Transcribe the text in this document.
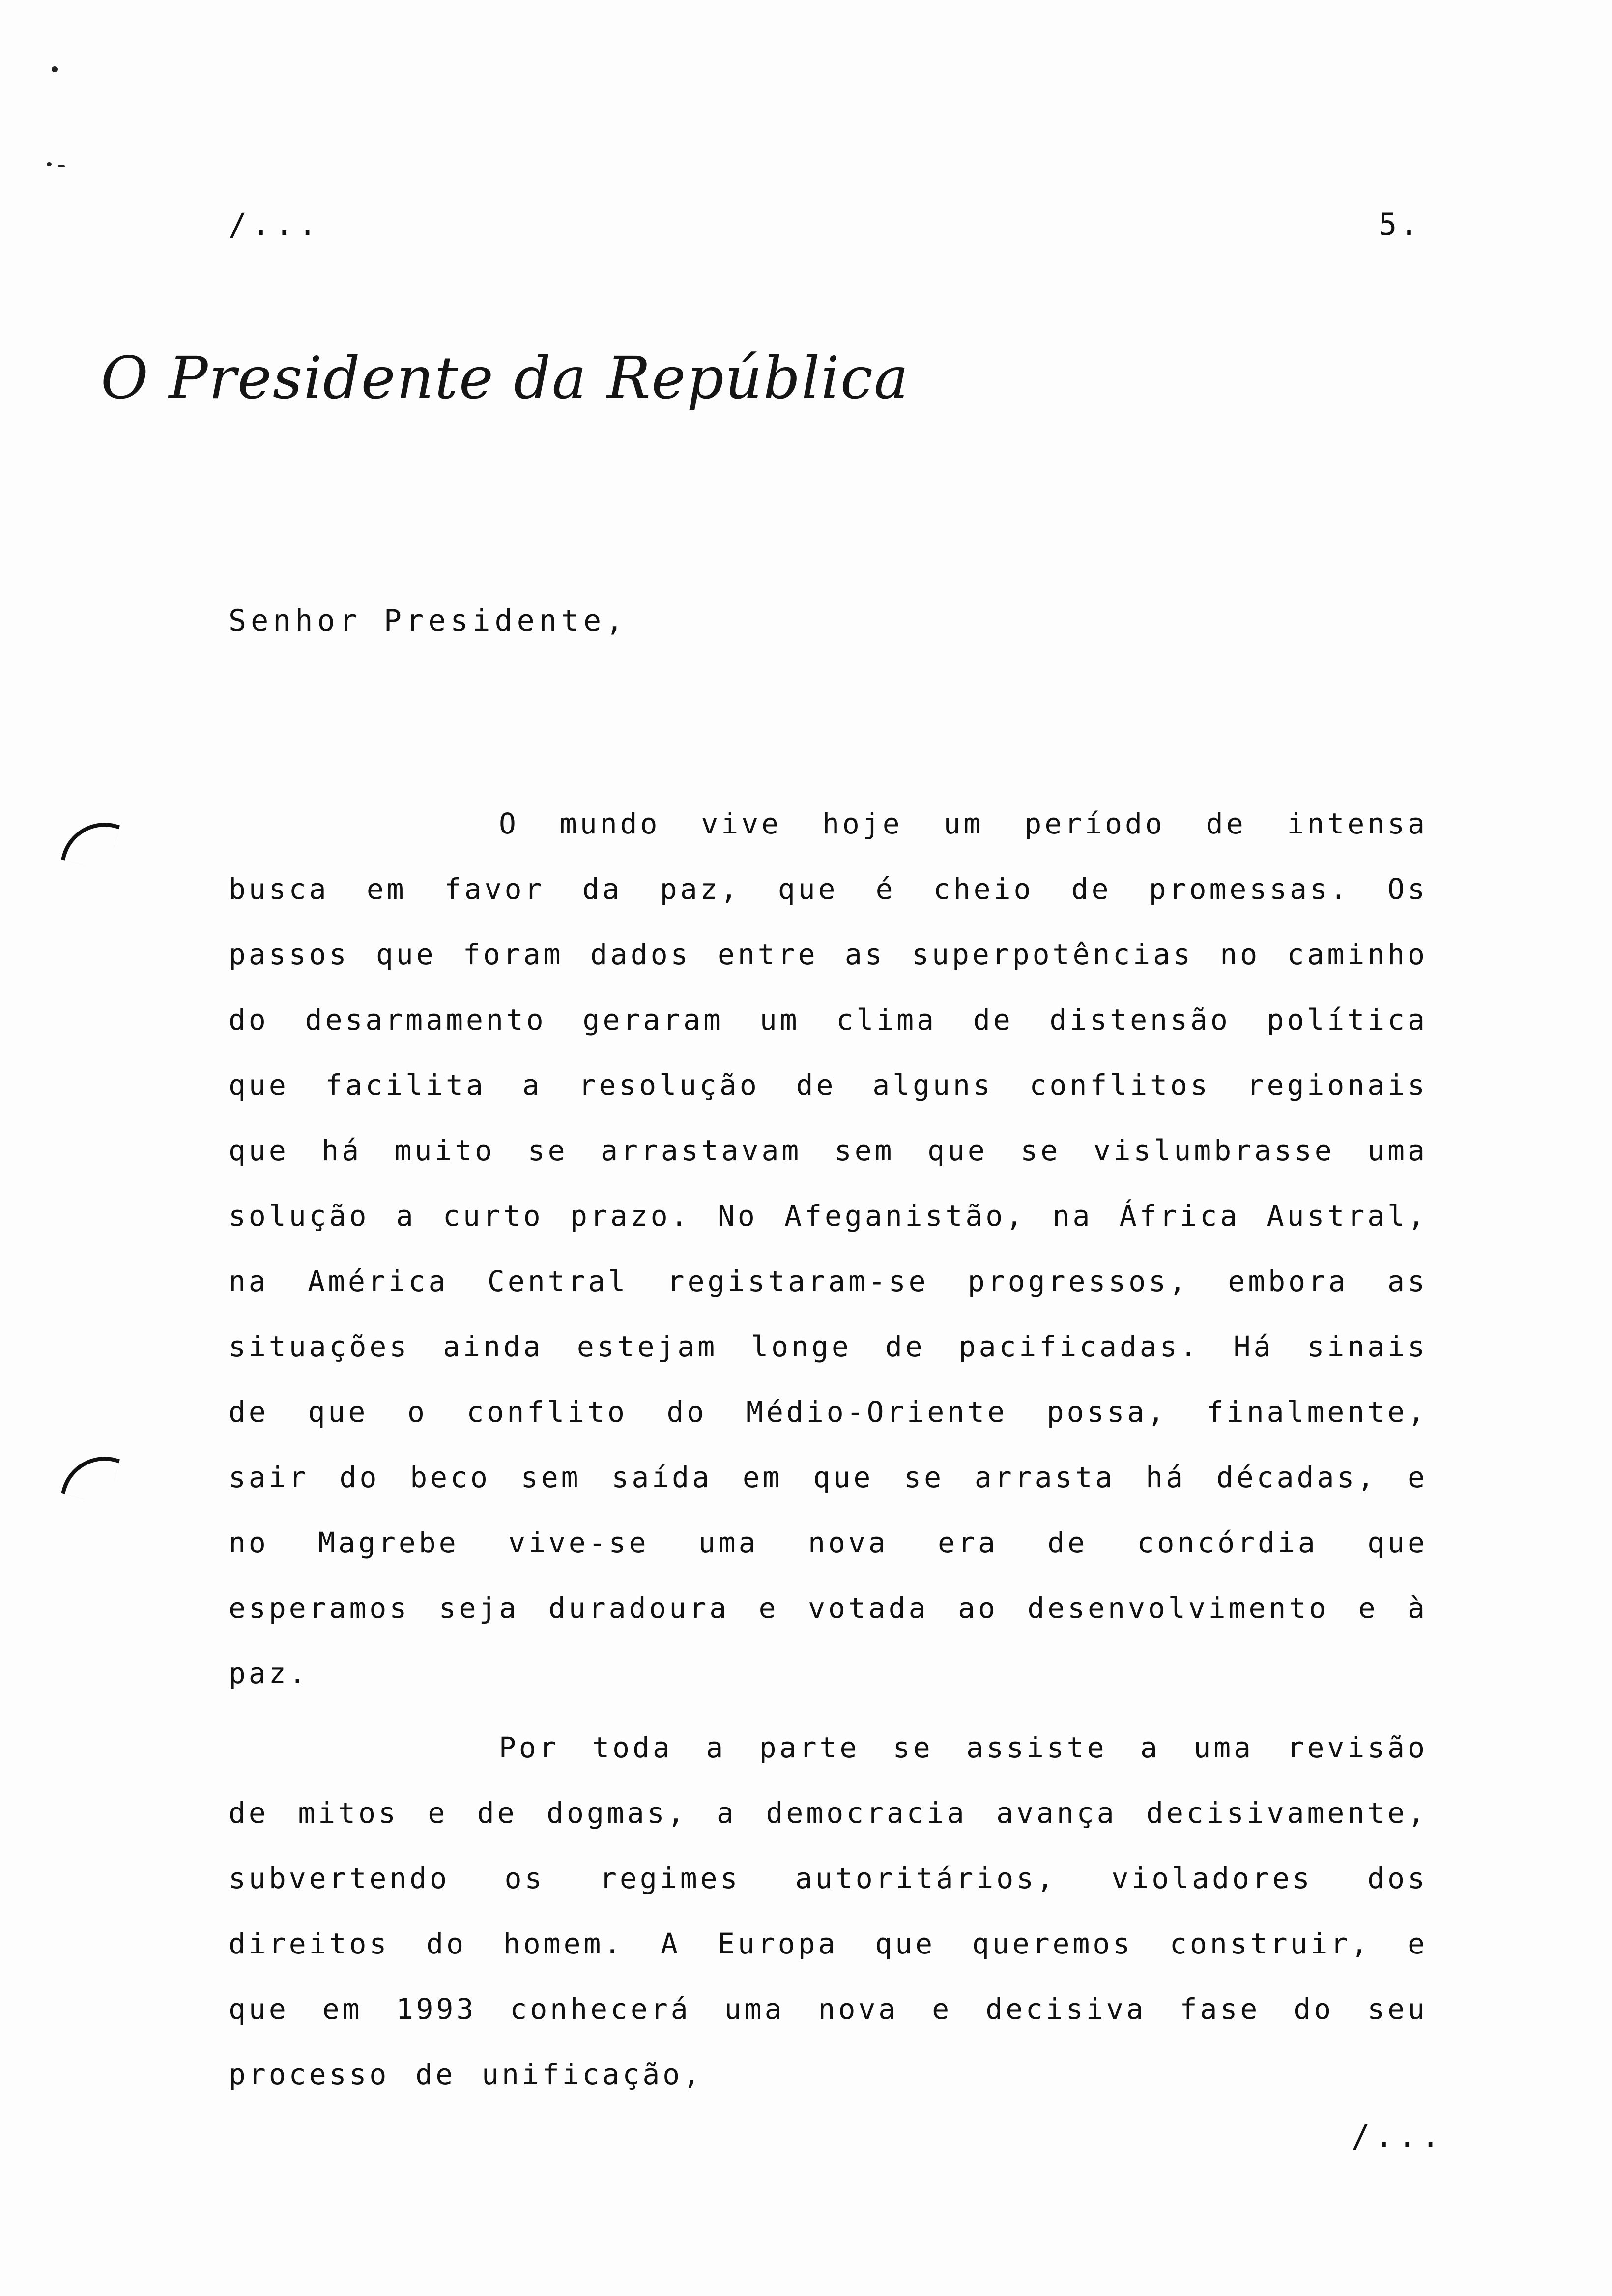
/...	5.
O Presidente da República
Senhor Presidente,

O mundo vive hoje um período de intensa busca em favor da paz, que é cheio de promessas. Os passos que foram dados entre as superpotências no caminho do desarmamento geraram um clima de distensão política que facilita a resolução de alguns conflitos regionais que há muito se arrastavam sem que se vislumbrasse uma solução a curto prazo. No Afeganistão, na África Austral, na América Central registaram-se progressos, embora as situações ainda estejam longe de pacificadas. Há sinais de que o conflito do Médio-Oriente possa, finalmente, sair do beco sem saída em que se arrasta há décadas, e no Magrebe vive-se uma nova era de concórdia que esperamos seja duradoura e votada ao desenvolvimento e à paz.

Por toda a parte se assiste a uma revisão de mitos e de dogmas, a democracia avança decisivamente, subvertendo os regimes autoritários, violadores dos direitos do homem. A Europa que queremos construir, e que em 1993 conhecerá uma nova e decisiva fase do seu processo de unificação,

/...
